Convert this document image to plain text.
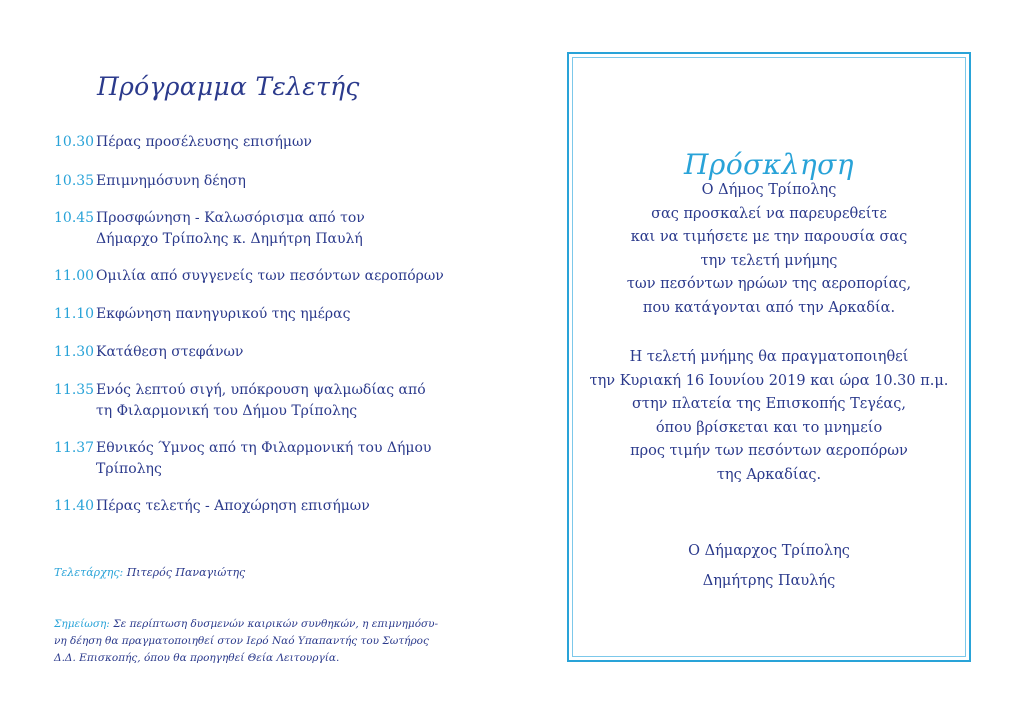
Πρόγραμμα Τελετής
10.30 Πέρας προσέλευσης επισήμων
10.35 Επιμνημόσυνη δέηση
10.45 Προσφώνηση - Καλωσόρισμα από τον
Δήμαρχο Τρίπολης κ. Δημήτρη Παυλή
11.00 Ομιλία από συγγενείς των πεσόντων αεροπόρων
11.10 Εκφώνηση πανηγυρικού της ημέρας
11.30 Κατάθεση στεφάνων
11.35 Ενός λεπτού σιγή, υπόκρουση ψαλμωδίας από
τη Φιλαρμονική του Δήμου Τρίπολης
11.37 Εθνικός Ύμνος από τη Φιλαρμονική του Δήμου
Τρίπολης
11.40 Πέρας τελετής - Αποχώρηση επισήμων
Τελετάρχης: Πιτερός Παναγιώτης
Σημείωση: Σε περίπτωση δυσμενών καιρικών συνθηκών, η επιμνημόσυ-
νη δέηση θα πραγματοποιηθεί στον Ιερό Ναό Υπαπαντής του Σωτήρος
Δ.Δ. Επισκοπής, όπου θα προηγηθεί Θεία Λειτουργία.
Πρόσκληση
Ο Δήμος Τρίπολης
σας προσκαλεί να παρευρεθείτε
και να τιμήσετε με την παρουσία σας
την τελετή μνήμης
των πεσόντων ηρώων της αεροπορίας,
που κατάγονται από την Αρκαδία.
Η τελετή μνήμης θα πραγματοποιηθεί
την Κυριακή 16 Ιουνίου 2019 και ώρα 10.30 π.μ.
στην πλατεία της Επισκοπής Τεγέας,
όπου βρίσκεται και το μνημείο
προς τιμήν των πεσόντων αεροπόρων
της Αρκαδίας.
Ο Δήμαρχος Τρίπολης
Δημήτρης Παυλής
